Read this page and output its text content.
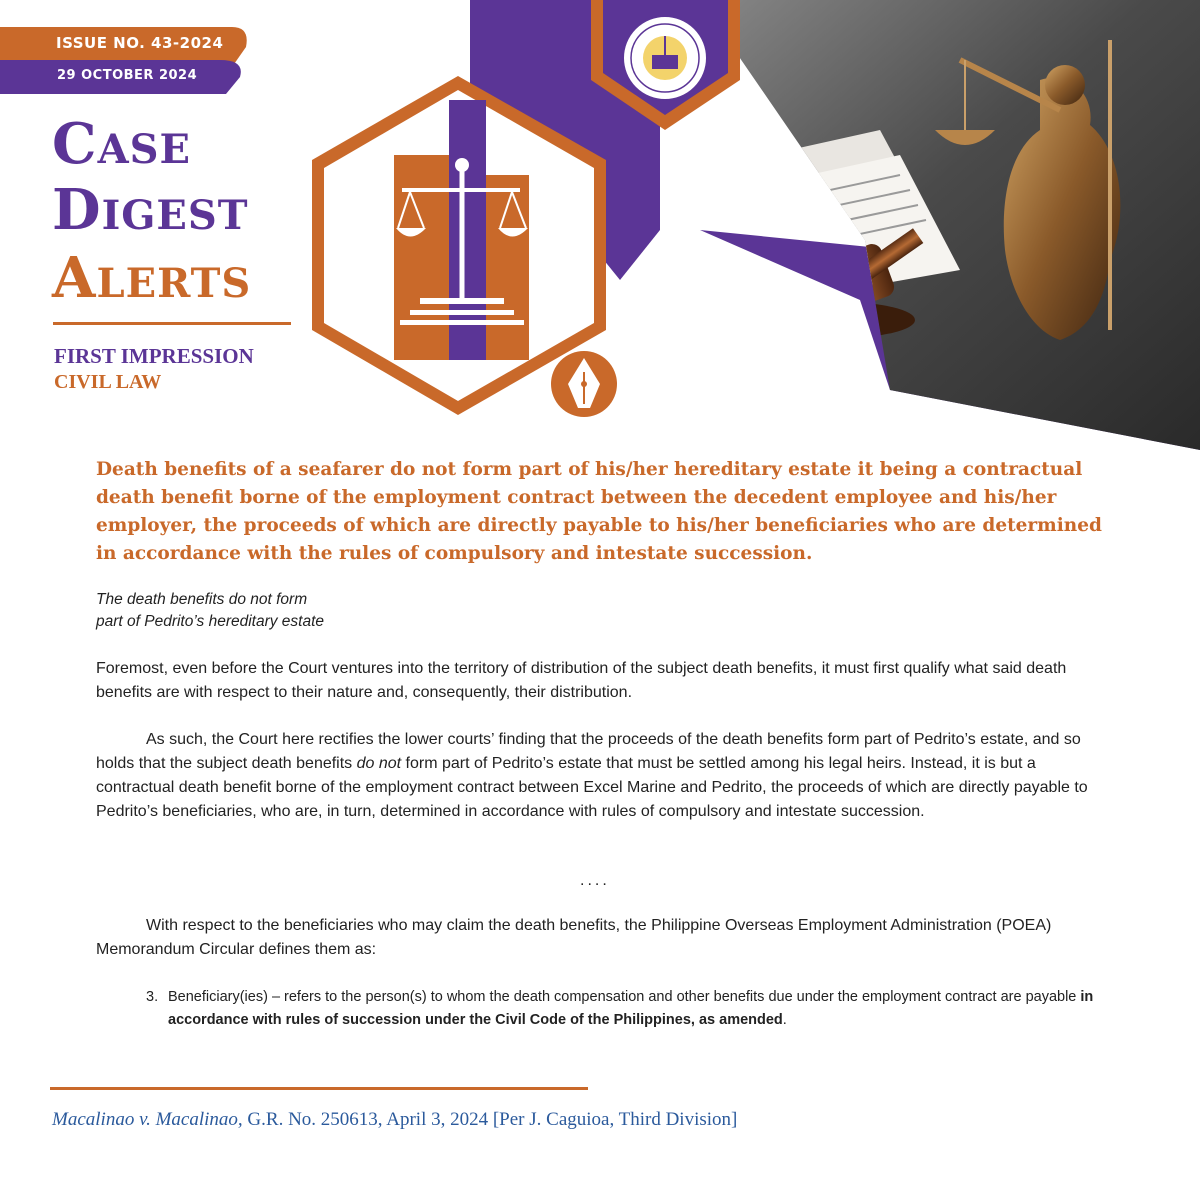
ISSUE NO. 43-2024
29 OCTOBER 2024
CASE
DIGEST
ALERTS
FIRST IMPRESSION
CIVIL LAW
Death benefits of a seafarer do not form part of his/her hereditary estate it being a contractual death benefit borne of the employment contract between the decedent employee and his/her employer, the proceeds of which are directly payable to his/her beneficiaries who are determined in accordance with the rules of compulsory and intestate succession.
The death benefits do not form
part of Pedrito’s hereditary estate
Foremost, even before the Court ventures into the territory of distribution of the subject death benefits, it must first qualify what said death benefits are with respect to their nature and, consequently, their distribution.
As such, the Court here rectifies the lower courts’ finding that the proceeds of the death benefits form part of Pedrito’s estate, and so holds that the subject death benefits do not form part of Pedrito’s estate that must be settled among his legal heirs. Instead, it is but a contractual death benefit borne of the employment contract between Excel Marine and Pedrito, the proceeds of which are directly payable to Pedrito’s beneficiaries, who are, in turn, determined in accordance with rules of compulsory and intestate succession.
....
With respect to the beneficiaries who may claim the death benefits, the Philippine Overseas Employment Administration (POEA) Memorandum Circular defines them as:
3. Beneficiary(ies) – refers to the person(s) to whom the death compensation and other benefits due under the employment contract are payable in accordance with rules of succession under the Civil Code of the Philippines, as amended.
Macalinao v. Macalinao, G.R. No. 250613, April 3, 2024 [Per J. Caguioa, Third Division]
